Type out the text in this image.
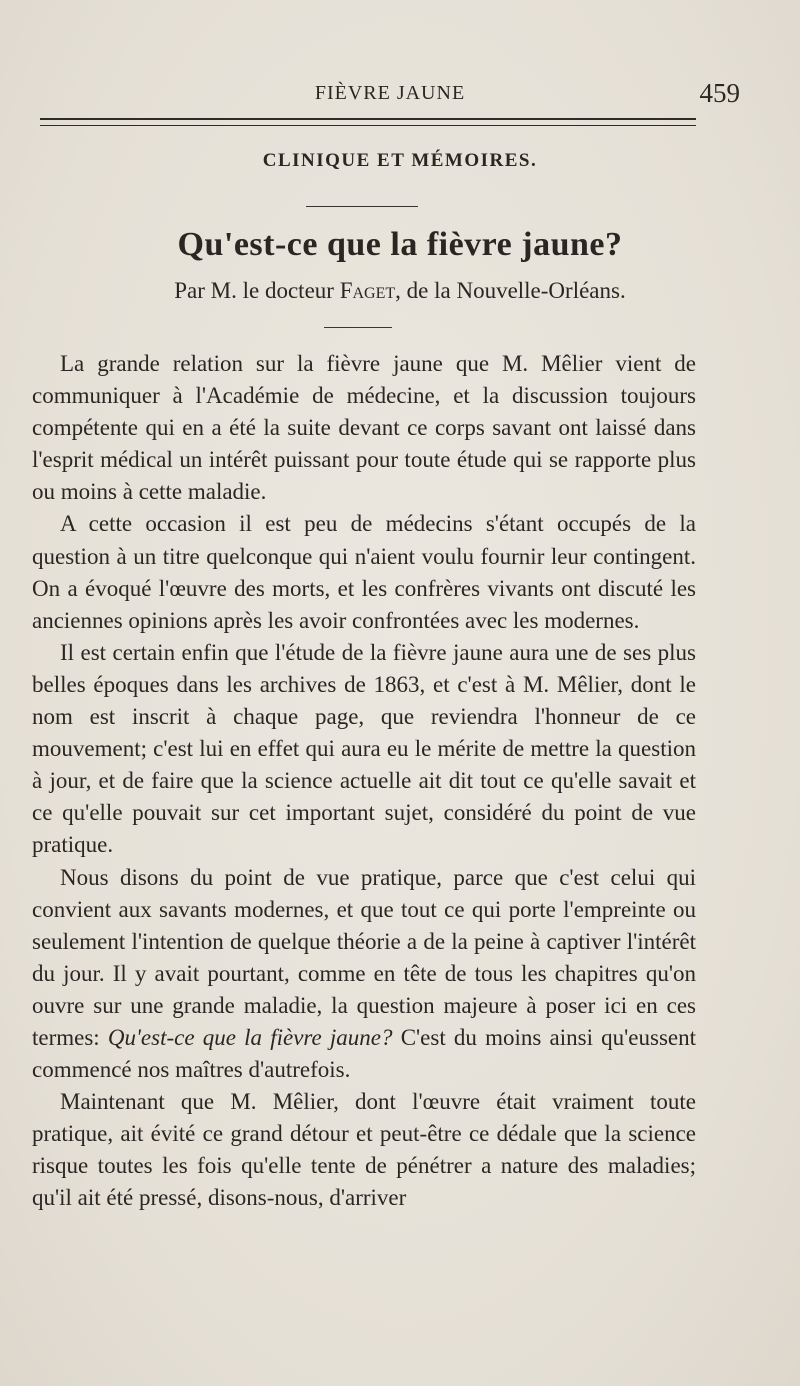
FIÈVRE JAUNE	459
CLINIQUE ET MÉMOIRES.
Qu'est-ce que la fièvre jaune?
Par M. le docteur Faget, de la Nouvelle-Orléans.

La grande relation sur la fièvre jaune que M. Mêlier vient de communiquer à l'Académie de médecine, et la discussion toujours compétente qui en a été la suite devant ce corps savant ont laissé dans l'esprit médical un intérêt puissant pour toute étude qui se rapporte plus ou moins à cette maladie.

A cette occasion il est peu de médecins s'étant occupés de la question à un titre quelconque qui n'aient voulu fournir leur contingent. On a évoqué l'œuvre des morts, et les confrères vivants ont discuté les anciennes opinions après les avoir confrontées avec les modernes.

Il est certain enfin que l'étude de la fièvre jaune aura une de ses plus belles époques dans les archives de 1863, et c'est à M. Mêlier, dont le nom est inscrit à chaque page, que reviendra l'honneur de ce mouvement; c'est lui en effet qui aura eu le mérite de mettre la question à jour, et de faire que la science actuelle ait dit tout ce qu'elle savait et ce qu'elle pouvait sur cet important sujet, considéré du point de vue pratique.

Nous disons du point de vue pratique, parce que c'est celui qui convient aux savants modernes, et que tout ce qui porte l'empreinte ou seulement l'intention de quelque théorie a de la peine à captiver l'intérêt du jour. Il y avait pourtant, comme en tête de tous les chapitres qu'on ouvre sur une grande maladie, la question majeure à poser ici en ces termes: Qu'est-ce que la fièvre jaune? C'est du moins ainsi qu'eussent commencé nos maîtres d'autrefois.

Maintenant que M. Mêlier, dont l'œuvre était vraiment toute pratique, ait évité ce grand détour et peut-être ce dédale que la science risque toutes les fois qu'elle tente de pénétrer a nature des maladies; qu'il ait été pressé, disons-nous, d'arriver
